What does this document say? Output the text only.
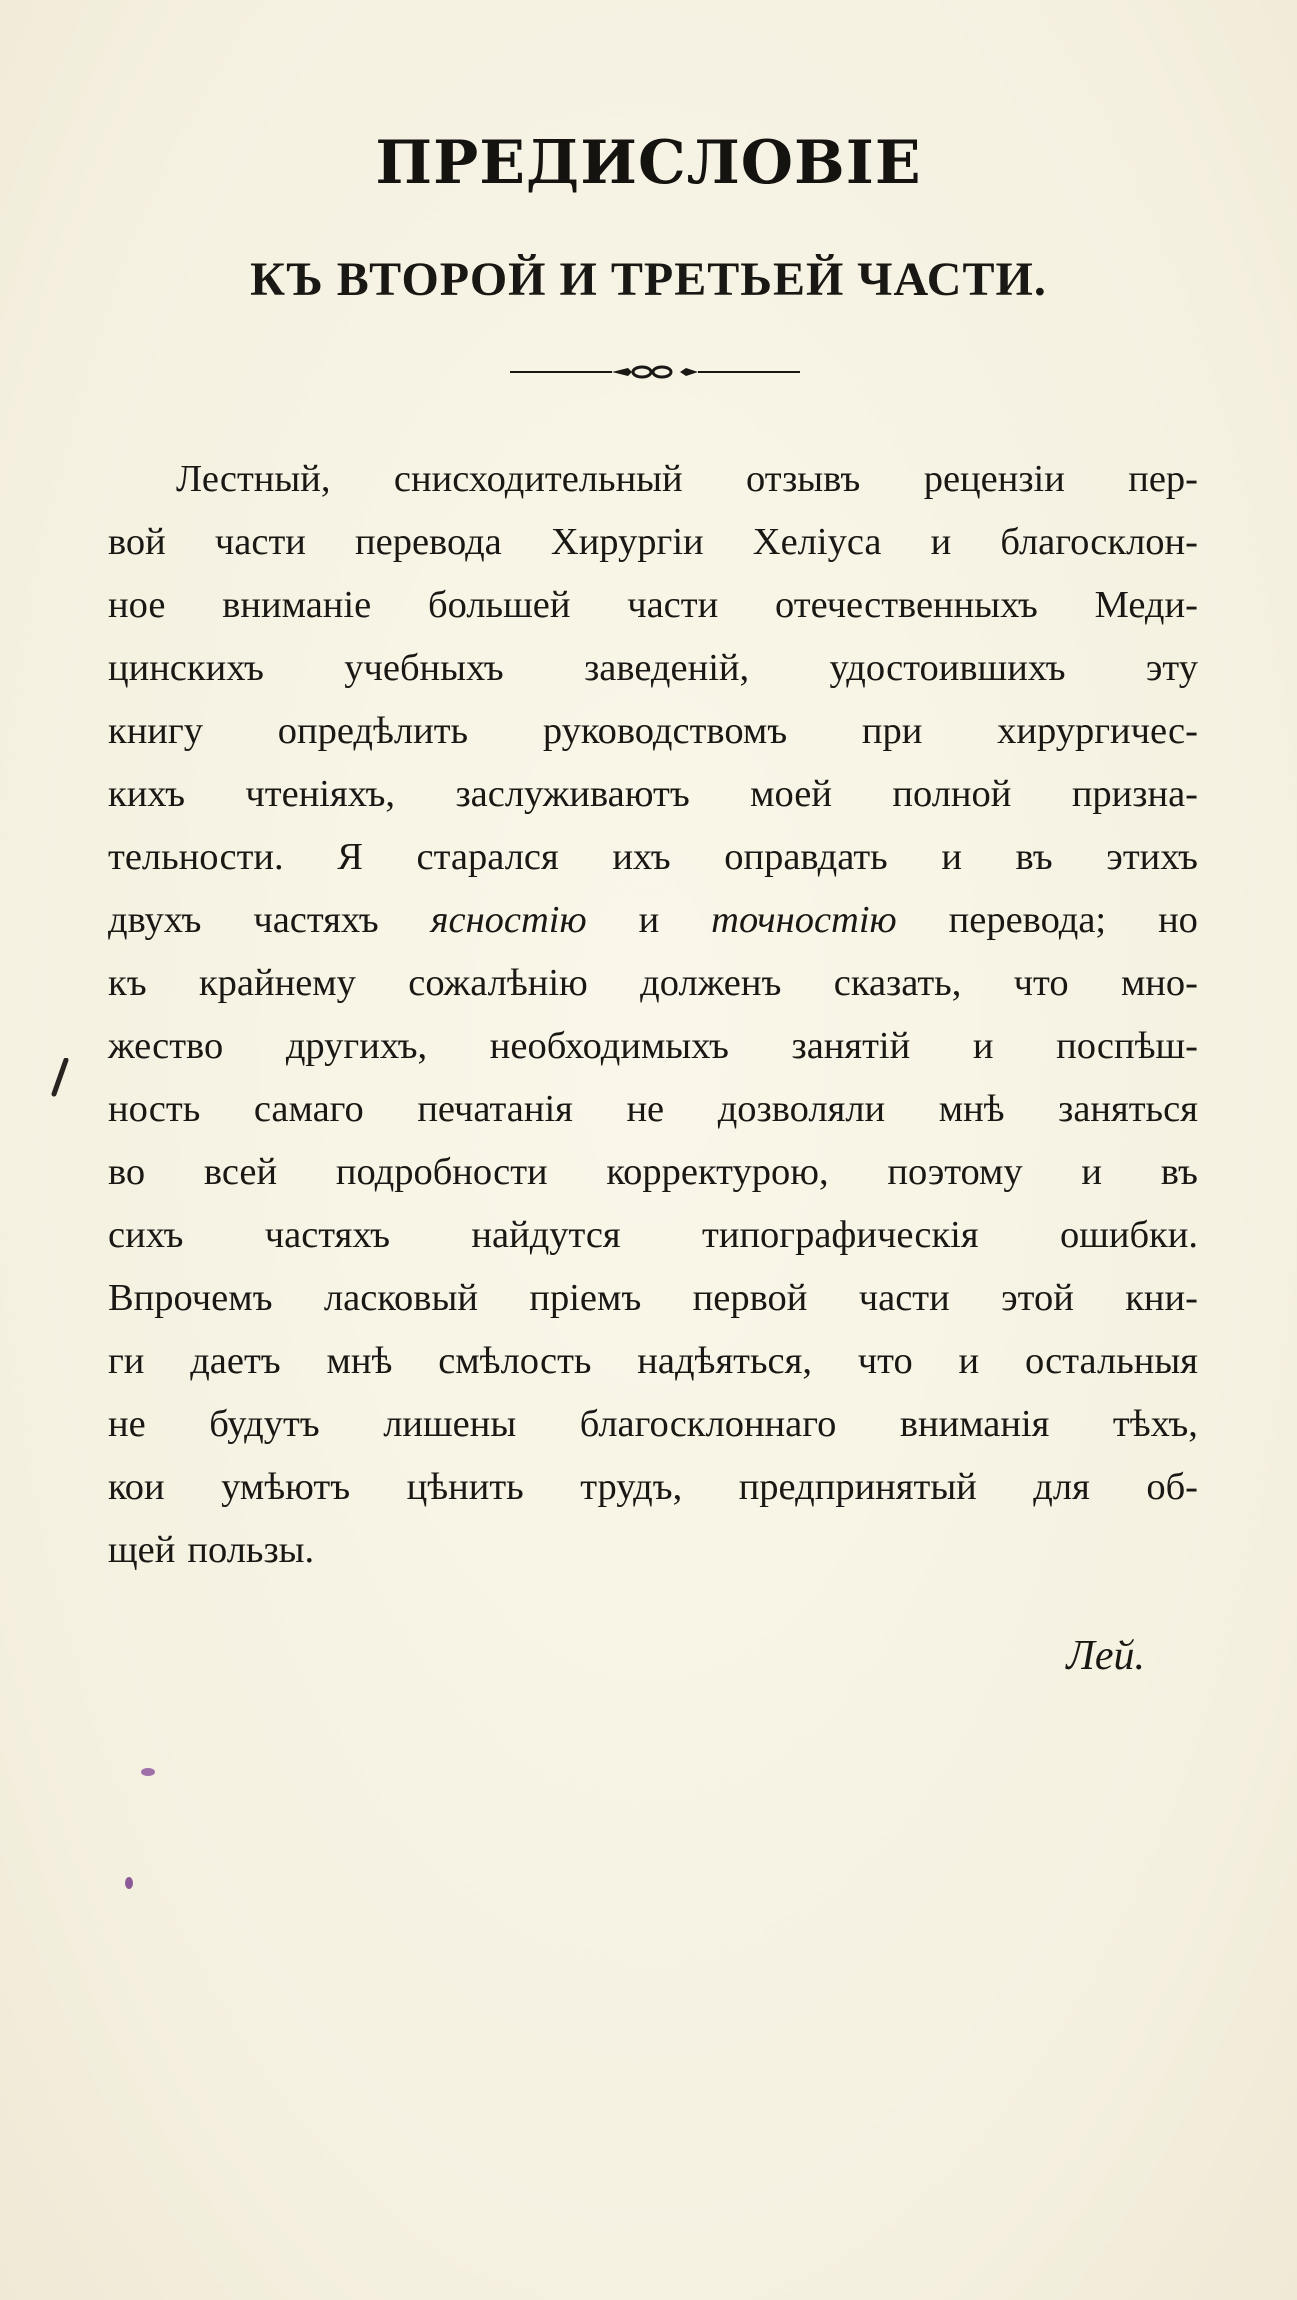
ПРЕДИСЛОВІЕ
КЪ ВТОРОЙ И ТРЕТЬЕЙ ЧАСТИ.
Лестный, снисходительный отзывъ рецензіи пер-
вой части перевода Хирургіи Хеліуса и благосклон-
ное вниманіе большей части отечественныхъ Меди-
цинскихъ учебныхъ заведеній, удостоившихъ эту
книгу опредѣлить руководствомъ при хирургичес-
кихъ чтеніяхъ, заслуживаютъ моей полной призна-
тельности. Я старался ихъ оправдать и въ этихъ
двухъ частяхъ ясностію и точностію перевода; но
къ крайнему сожалѣнію долженъ сказать, что мно-
жество другихъ, необходимыхъ занятій и поспѣш-
ность самаго печатанія не дозволяли мнѣ заняться
во всей подробности корректурою, поэтому и въ
сихъ частяхъ найдутся типографическія ошибки.
Впрочемъ ласковый пріемъ первой части этой кни-
ги даетъ мнѣ смѣлость надѣяться, что и остальныя
не будутъ лишены благосклоннаго вниманія тѣхъ,
кои умѣютъ цѣнить трудъ, предпринятый для об-
щей пользы.
Лей.
